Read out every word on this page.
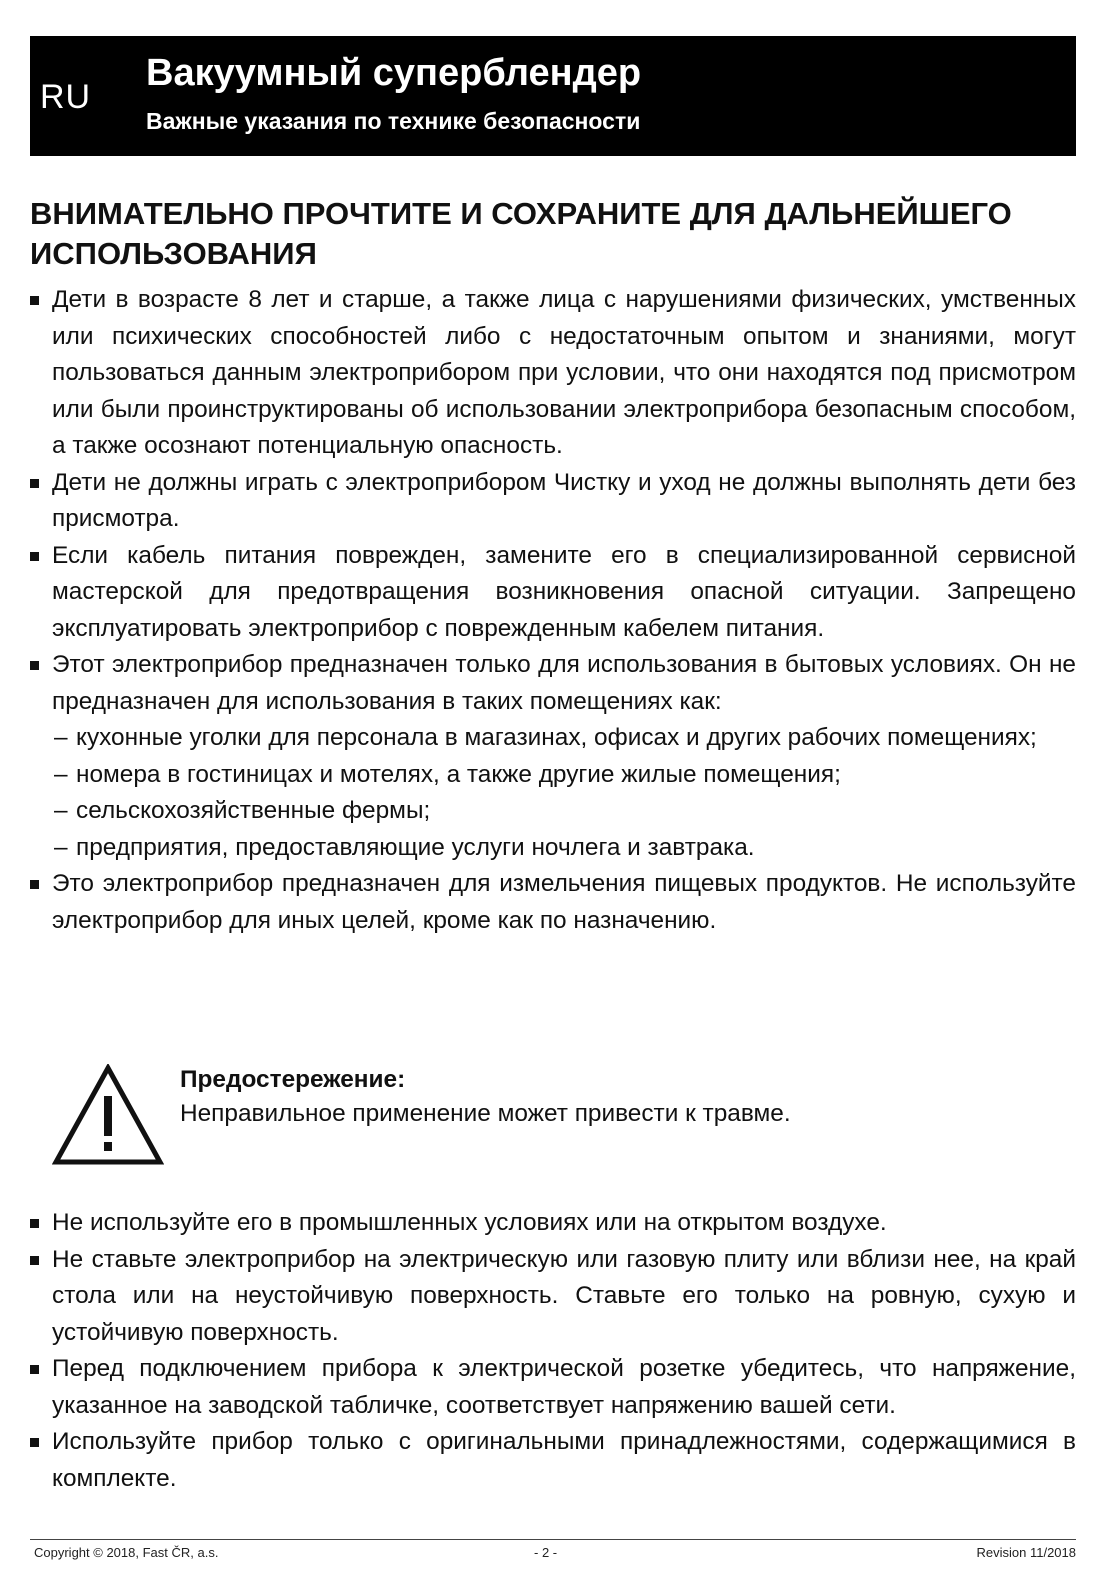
RU
Вакуумный суперблендер
Важные указания по технике безопасности
ВНИМАТЕЛЬНО ПРОЧТИТЕ И СОХРАНИТЕ ДЛЯ ДАЛЬНЕЙШЕГО ИСПОЛЬЗОВАНИЯ
Дети в возрасте 8 лет и старше, а также лица с нарушениями физических, умственных или психических способностей либо с недостаточным опытом и знаниями, могут пользоваться данным электроприбором при условии, что они находятся под присмотром или были проинструктированы об использовании электроприбора безопасным способом, а также осознают потенциальную опасность.
Дети не должны играть с электроприбором Чистку и уход не должны выполнять дети без присмотра.
Если кабель питания поврежден, замените его в специализированной сервисной мастерской для предотвращения возникновения опасной ситуации. Запрещено эксплуатировать электроприбор с поврежденным кабелем питания.
Этот электроприбор предназначен только для использования в бытовых условиях. Он не предназначен для использования в таких помещениях как:
– кухонные уголки для персонала в магазинах, офисах и других рабочих помещениях;
– номера в гостиницах и мотелях, а также другие жилые помещения;
– сельскохозяйственные фермы;
– предприятия, предоставляющие услуги ночлега и завтрака.
Это электроприбор предназначен для измельчения пищевых продуктов. Не используйте электроприбор для иных целей, кроме как по назначению.
Предостережение:
Неправильное применение может привести к травме.
Не используйте его в промышленных условиях или на открытом воздухе.
Не ставьте электроприбор на электрическую или газовую плиту или вблизи нее, на край стола или на неустойчивую поверхность. Ставьте его только на ровную, сухую и устойчивую поверхность.
Перед подключением прибора к электрической розетке убедитесь, что напряжение, указанное на заводской табличке, соответствует напряжению вашей сети.
Используйте прибор только с оригинальными принадлежностями, содержащимися в комплекте.
Copyright © 2018, Fast ČR, a.s.	- 2 -	Revision 11/2018
